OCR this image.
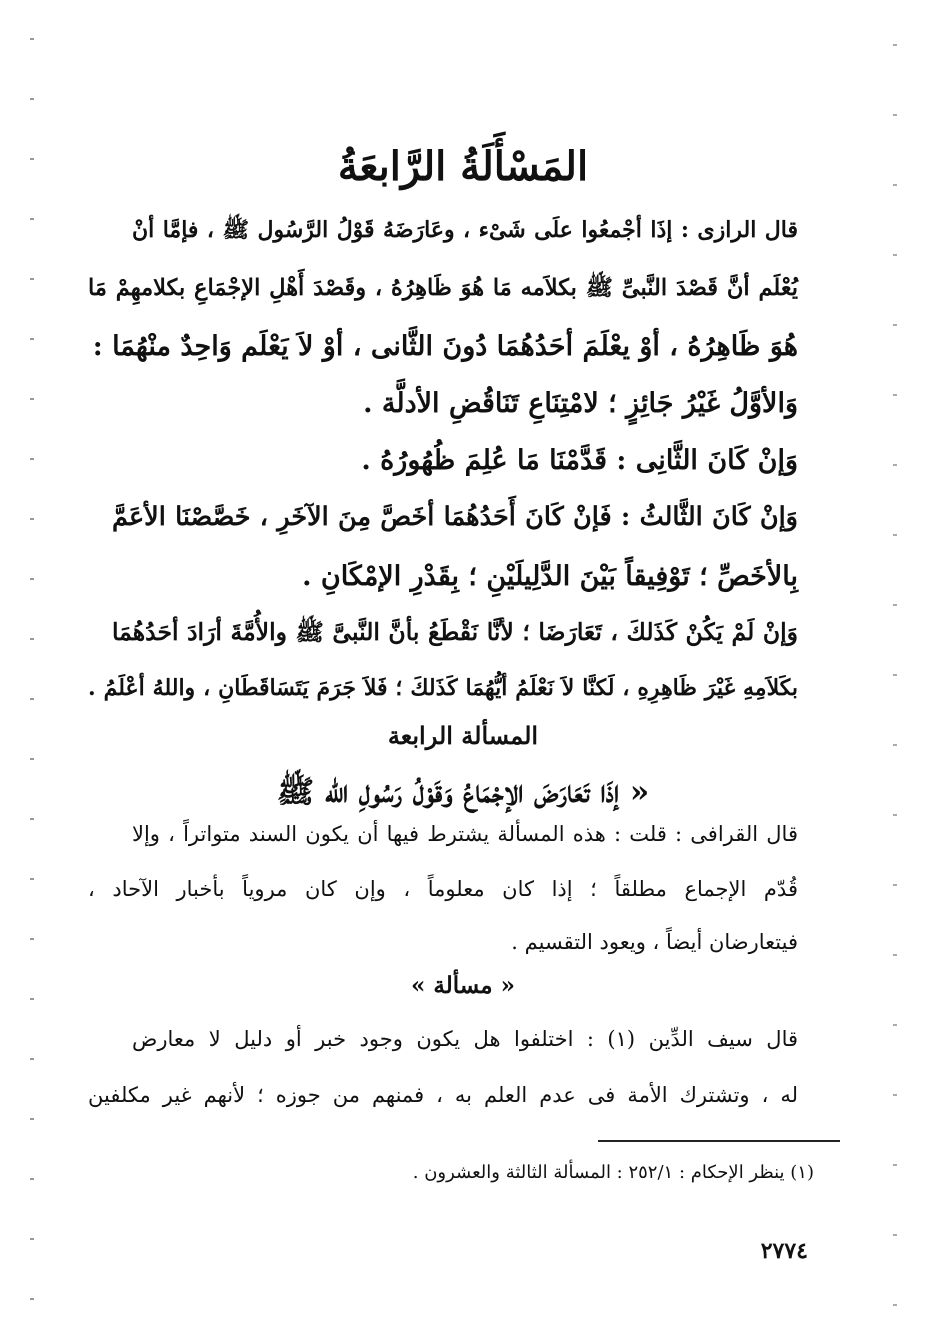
المَسْأَلَةُ الرَّابعَةُ
قال الرازى : إذَا أجْمعُوا علَى شَىْء ، وعَارَضَهُ قَوْلُ الرَّسُول ﷺ ، فإمَّا أنْ
يُعْلَم أنَّ قَصْدَ النَّبىِّ ﷺ بكلاَمه مَا هُوَ ظَاهِرُهُ ، وقَصْدَ أَهْلِ الإجْمَاعِ بكلامهِمْ مَا
هُوَ ظَاهِرُهُ ، أوْ يعْلَمَ أحَدُهُمَا دُونَ الثَّانى ، أوْ لاَ يَعْلَم وَاحِدٌ منْهُمَا :
وَالأوَّلُ غَيْرُ جَائِزٍ ؛ لامْتِنَاعِ تَنَاقُضِ الأدلَّة .
وَإنْ كَانَ الثَّانِى : قَدَّمْنَا مَا عُلِمَ ظُهُورُهُ .
وَإنْ كَانَ الثَّالثُ : فَإنْ كَانَ أَحَدُهُمَا أخَصَّ مِنَ الآخَرِ ، خَصَّصْنَا الأعَمَّ
بِالأخَصِّ ؛ تَوْفِيقاً بَيْنَ الدَّلِيلَيْنِ ؛ بِقَدْرِ الإمْكَانِ .
وَإنْ لَمْ يَكُنْ كَذَلكَ ، تَعَارَضَا ؛ لأنَّا نَقْطَعُ بأنَّ النَّبىَّ ﷺ والأُمَّةَ أرَادَ أحَدُهُمَا
بكَلاَمِهِ غَيْرَ ظَاهِرِهِ ، لَكنَّا لاَ نَعْلَمُ أيُّهُمَا كَذَلكَ ؛ فَلاَ جَرَمَ يَتَسَاقَطَانِ ، واللهُ أعْلَمُ .
المسألة الرابعة
« إذَا تَعَارَضَ الإجْمَاعُ وَقَوْلُ رَسُولِ الله ﷺ
قال القرافى : قلت : هذه المسألة يشترط فيها أن يكون السند متواتراً ، وإلا
قُدّم الإجماع مطلقاً ؛ إذا كان معلوماً ، وإن كان مروياً بأخبار الآحاد ،
فيتعارضان أيضاً ، ويعود التقسيم .
« مسألة »
قال سيف الدِّين (١) : اختلفوا هل يكون وجود خبر أو دليل لا معارض
له ، وتشترك الأمة فى عدم العلم به ، فمنهم من جوزه ؛ لأنهم غير مكلفين
(١) ينظر الإحكام : ٢٥٢/١ : المسألة الثالثة والعشرون .
٢٧٧٤
